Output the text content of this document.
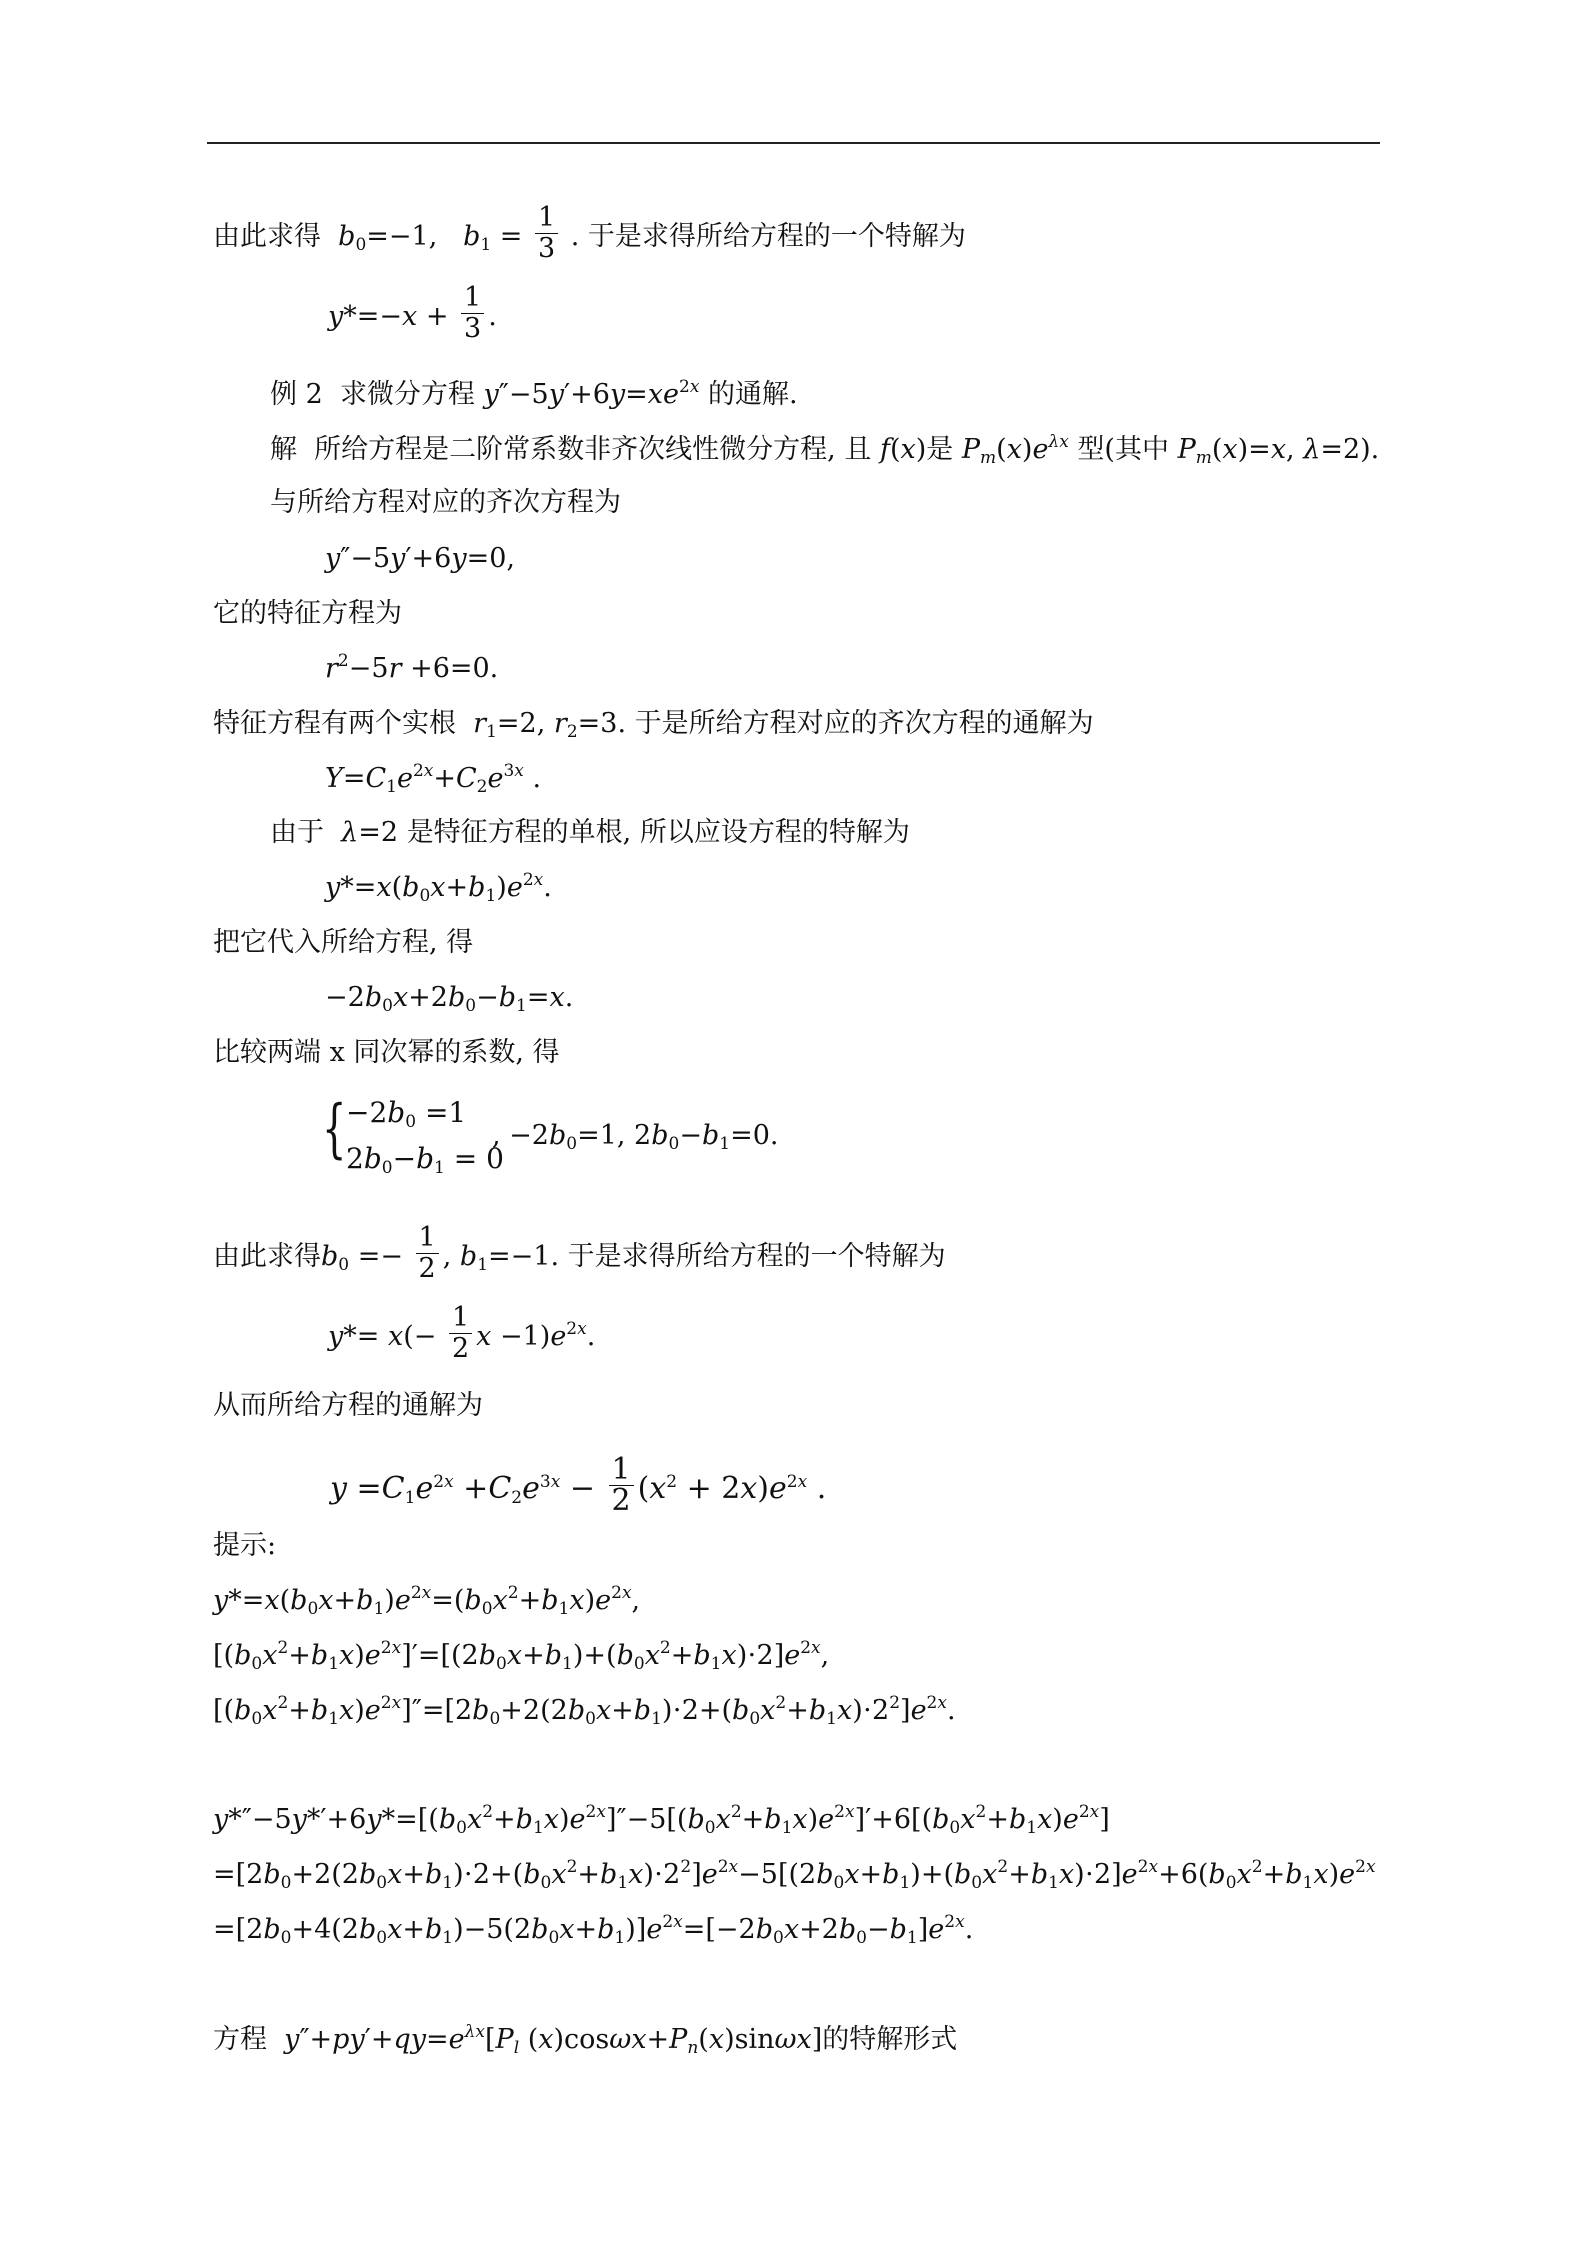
由此求得  $b_0=-1$,   $b_1 = \frac{1}{3}$ . 于是求得所给方程的一个特解为
$y*=-x + \frac{1}{3}$ .
例 2 求微分方程 $y''-5y'+6y=xe^{2x}$ 的通解.
解 所给方程是二阶常系数非齐次线性微分方程, 且 f(x)是 $P_m(x)e^{\lambda x}$ 型(其中 $P_m(x)=x$, λ=2).
与所给方程对应的齐次方程为
y″−5y′+6y=0,
它的特征方程为
$r^2-5r +6=0$.
特征方程有两个实根 $r_1=2$, $r_2=3$. 于是所给方程对应的齐次方程的通解为
$Y=C_1e^{2x}+C_2e^{3x}$ .
由于 λ=2 是特征方程的单根, 所以应设方程的特解为
$y*=x(b_0x+b_1)e^{2x}$.
把它代入所给方程, 得
$-2b_0x+2b_0-b_1=x$.
比较两端 x 同次幂的系数, 得
{ $-2b_0 =1$
$2b_0-b_1 = 0$
, $-2b_0=1$, $2b_0-b_1=0$.
由此求得$b_0 =- \frac{1}{2}$ , $b_1=-1$. 于是求得所给方程的一个特解为
$y*= x(- \frac{1}{2}$ $x -1)e^{2x}$.
从而所给方程的通解为
$y =C_1e^{2x} +C_2e^{3x} - \frac{1}{2} (x^2 + 2x)e^{2x}$ .
提示:
$y*=x(b_0x+b_1)e^{2x}=(b_0x^2+b_1x)e^{2x}$,
$[(b_0x^2+b_1x)e^{2x}]'=[(2b_0x+b_1)+(b_0x^2+b_1x)\cdot 2]e^{2x}$,
$[(b_0x^2+b_1x)e^{2x}]''=[2b_0+2(2b_0x+b_1)\cdot 2+(b_0x^2+b_1x)\cdot 2^2]e^{2x}$.
$y*''-5y*'+6y*=[(b_0x^2+b_1x)e^{2x}]''-5[(b_0x^2+b_1x)e^{2x}]'+6[(b_0x^2+b_1x)e^{2x}]$
$=[2b_0+2(2b_0x+b_1)\cdot 2+(b_0x^2+b_1x)\cdot 2^2]e^{2x}-5[(2b_0x+b_1)+(b_0x^2+b_1x)\cdot 2]e^{2x}+6(b_0x^2+b_1x)e^{2x}$
$=[2b_0+4(2b_0x+b_1)-5(2b_0x+b_1)]e^{2x}=[-2b_0x+2b_0-b_1]e^{2x}$.
方程 $y''+py'+qy=e^{\lambda x}[P_l$ $(x)\cos\omega x+P_n(x)\sin\omega x$]的特解形式
